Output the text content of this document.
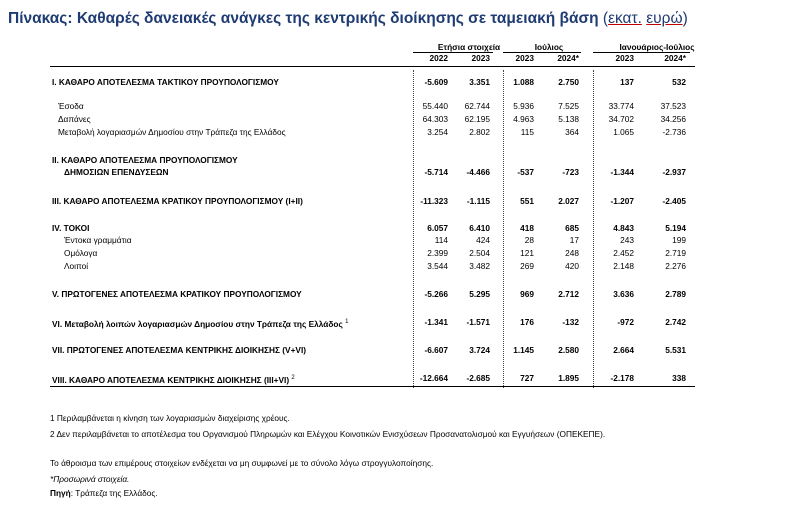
Πίνακας: Καθαρές δανειακές ανάγκες της κεντρικής διοίκησης σε ταμειακή βάση (εκατ. ευρώ)
Ετήσια στοιχεία	Ιούλιος	Ιανουάριος-Ιούλιος
2022	2023	2023	2024*	2023	2024*
I. ΚΑΘΑΡΟ ΑΠΟΤΕΛΕΣΜΑ ΤΑΚΤΙΚΟΥ ΠΡΟΥΠΟΛΟΓΙΣΜΟΥ	-5.609	3.351	1.088	2.750	137	532
Έσοδα	55.440 62.744	5.936	7.525	33.774	37.523
Δαπάνες	64.303 62.195	4.963	5.138	34.702	34.256
Μεταβολή λογαριασμών Δημοσίου στην Τράπεζα της Ελλάδος	3.254	2.802	115	364	1.065	-2.736
II. ΚΑΘΑΡΟ ΑΠΟΤΕΛΕΣΜΑ ΠΡΟΥΠΟΛΟΓΙΣΜΟΥ
ΔΗΜΟΣΙΩΝ ΕΠΕΝΔΥΣΕΩΝ	-5.714 -4.466	-537	-723	-1.344	-2.937
III. ΚΑΘΑΡΟ ΑΠΟΤΕΛΕΣΜΑ ΚΡΑΤΙΚΟΥ ΠΡΟΥΠΟΛΟΓΙΣΜΟΥ (I+II)	-11.323 -1.115	551	2.027	-1.207	-2.405
IV. ΤΟΚΟΙ	6.057	6.410	418	685	4.843	5.194
Έντοκα γραμμάτια	114	424	28	17	243	199
Ομόλογα	2.399	2.504	121	248	2.452	2.719
Λοιποί	3.544	3.482	269	420	2.148	2.276
V. ΠΡΩΤΟΓΕΝΕΣ ΑΠΟΤΕΛΕΣΜΑ ΚΡΑΤΙΚΟΥ ΠΡΟΥΠΟΛΟΓΙΣΜΟΥ	-5.266	5.295	969	2.712	3.636	2.789
VI. Μεταβολή λοιπών λογαριασμών Δημοσίου στην Τράπεζα της Ελλάδος $^1$	-1.341 -1.571	176	-132	-972	2.742
VII. ΠΡΩΤΟΓΕΝΕΣ ΑΠΟΤΕΛΕΣΜΑ ΚΕΝΤΡΙΚΗΣ ΔΙΟΙΚΗΣΗΣ (V+VI)	-6.607	3.724	1.145	2.580	2.664	5.531
VIII. ΚΑΘΑΡΟ ΑΠΟΤΕΛΕΣΜΑ ΚΕΝΤΡΙΚΗΣ ΔΙΟΙΚΗΣΗΣ (III+VI) $^2$	-12.664 -2.685	727	1.895	-2.178	338
1 Περιλαμβάνεται η κίνηση των λογαριασμών διαχείρισης χρέους.
2 Δεν περιλαμβάνεται το αποτέλεσμα του Οργανισμού Πληρωμών και Ελέγχου Κοινοτικών Ενισχύσεων Προσανατολισμού και Εγγυήσεων (ΟΠΕΚΕΠΕ).
Το άθροισμα των επιμέρους στοιχείων ενδέχεται να μη συμφωνεί με το σύνολο λόγω στρογγυλοποίησης.
*Προσωρινά στοιχεία.
Πηγή: Τράπεζα της Ελλάδος.
